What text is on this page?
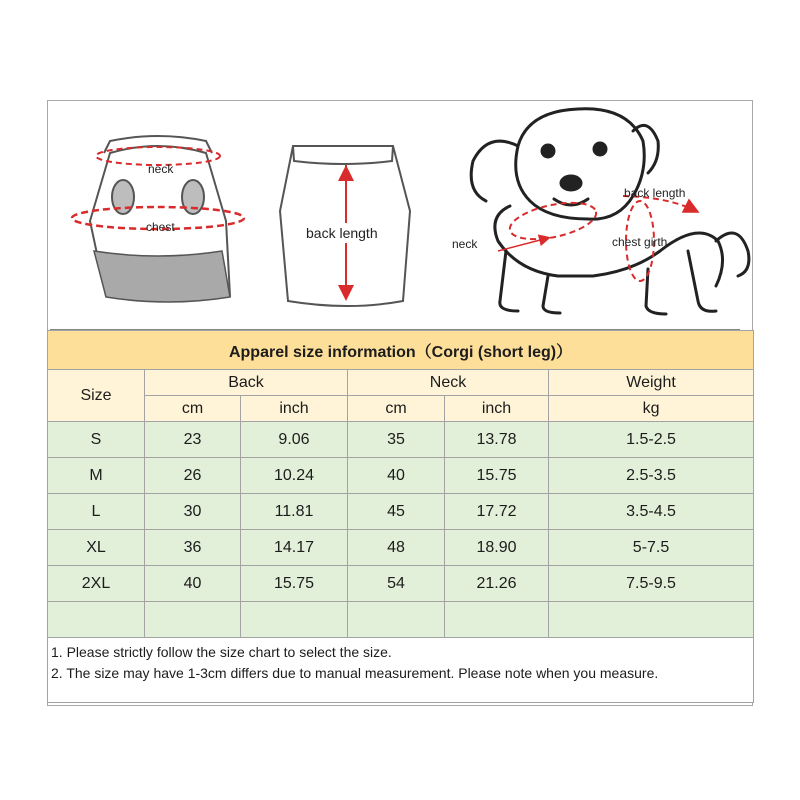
neck
chest	back length
back length
neck	chest girth
Apparel size information（Corgi (short leg)）					
Size	Back		Neck		Weight
	cm	inch	cm	inch	kg
S	23	9.06	35	13.78	1.5-2.5
M	26	10.24	40	15.75	2.5-3.5
L	30	11.81	45	17.72	3.5-4.5
XL	36	14.17	48	18.90	5-7.5
2XL	40	15.75	54	21.26	7.5-9.5

1. Please strictly follow the size chart to select the size.

2. The size may have 1-3cm differs due to manual measurement. Please note when you measure.					
